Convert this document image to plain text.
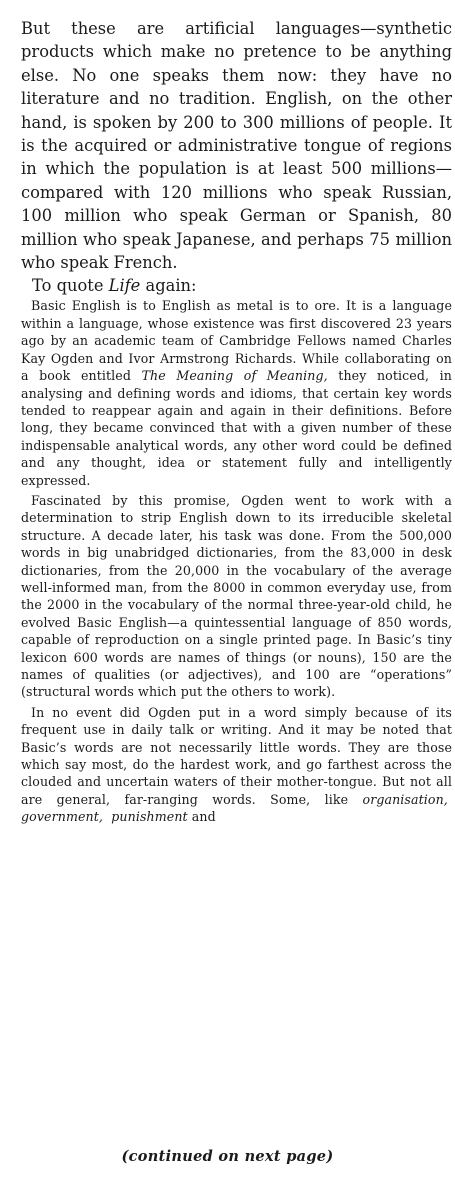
But these are artificial languages—synthetic products which make no pretence to be anything else. No one speaks them now: they have no literature and no tradition. English, on the other hand, is spoken by 200 to 300 millions of people. It is the acquired or administrative tongue of regions in which the population is at least 500 millions—compared with 120 millions who speak Russian, 100 million who speak German or Spanish, 80 million who speak Japanese, and perhaps 75 million who speak French.

To quote Life again:

Basic English is to English as metal is to ore. It is a language within a language, whose existence was first discovered 23 years ago by an academic team of Cambridge Fellows named Charles Kay Ogden and Ivor Armstrong Richards. While collaborating on a book entitled The Meaning of Meaning, they noticed, in analysing and defining words and idioms, that certain key words tended to reappear again and again in their definitions. Before long, they became convinced that with a given number of these indispensable analytical words, any other word could be defined and any thought, idea or statement fully and intelligently expressed.

Fascinated by this promise, Ogden went to work with a determination to strip English down to its irreducible skeletal structure. A decade later, his task was done. From the 500,000 words in big unabridged dictionaries, from the 83,000 in desk dictionaries, from the 20,000 in the vocabulary of the average well-informed man, from the 8000 in common everyday use, from the 2000 in the vocabulary of the normal three-year-old child, he evolved Basic English—a quintessential language of 850 words, capable of reproduction on a single printed page. In Basic’s tiny lexicon 600 words are names of things (or nouns), 150 are the names of qualities (or adjectives), and 100 are “operations” (structural words which put the others to work).

In no event did Ogden put in a word simply because of its frequent use in daily talk or writing. And it may be noted that Basic’s words are not necessarily little words. They are those which say most, do the hardest work, and go farthest across the clouded and uncertain waters of their mother-tongue. But not all are general, far-ranging words. Some, like organisation,  government, punishment and

(continued on next page)
